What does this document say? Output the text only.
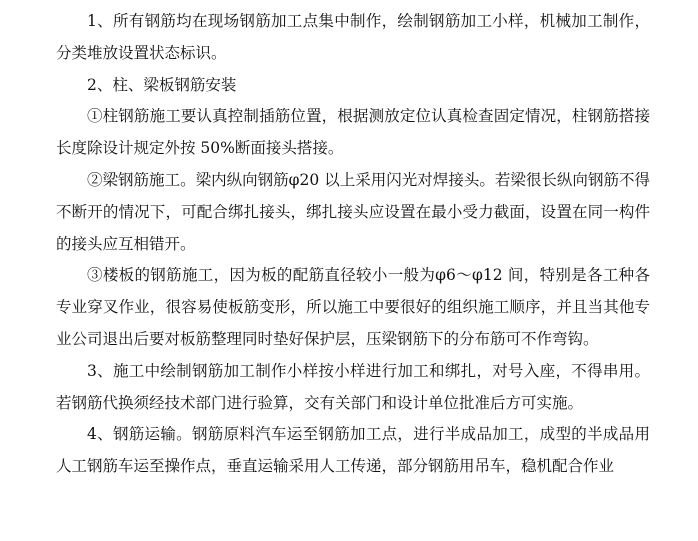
1、所有钢筋均在现场钢筋加工点集中制作，绘制钢筋加工小样，机械加工制作，分类堆放设置状态标识。

2、柱、梁板钢筋安装

①柱钢筋施工要认真控制插筋位置，根据测放定位认真检查固定情况，柱钢筋搭接长度除设计规定外按 50%断面接头搭接。

②梁钢筋施工。梁内纵向钢筋φ20 以上采用闪光对焊接头。若梁很长纵向钢筋不得不断开的情况下，可配合绑扎接头，绑扎接头应设置在最小受力截面，设置在同一构件的接头应互相错开。

③楼板的钢筋施工，因为板的配筋直径较小一般为φ6～φ12 间，特别是各工种各专业穿叉作业，很容易使板筋变形，所以施工中要很好的组织施工顺序，并且当其他专业公司退出后要对板筋整理同时垫好保护层，压梁钢筋下的分布筋可不作弯钩。

3、施工中绘制钢筋加工制作小样按小样进行加工和绑扎，对号入座，不得串用。若钢筋代换须经技术部门进行验算，交有关部门和设计单位批准后方可实施。

4、钢筋运输。钢筋原料汽车运至钢筋加工点，进行半成品加工，成型的半成品用人工钢筋车运至操作点，垂直运输采用人工传递，部分钢筋用吊车，稳机配合作业
